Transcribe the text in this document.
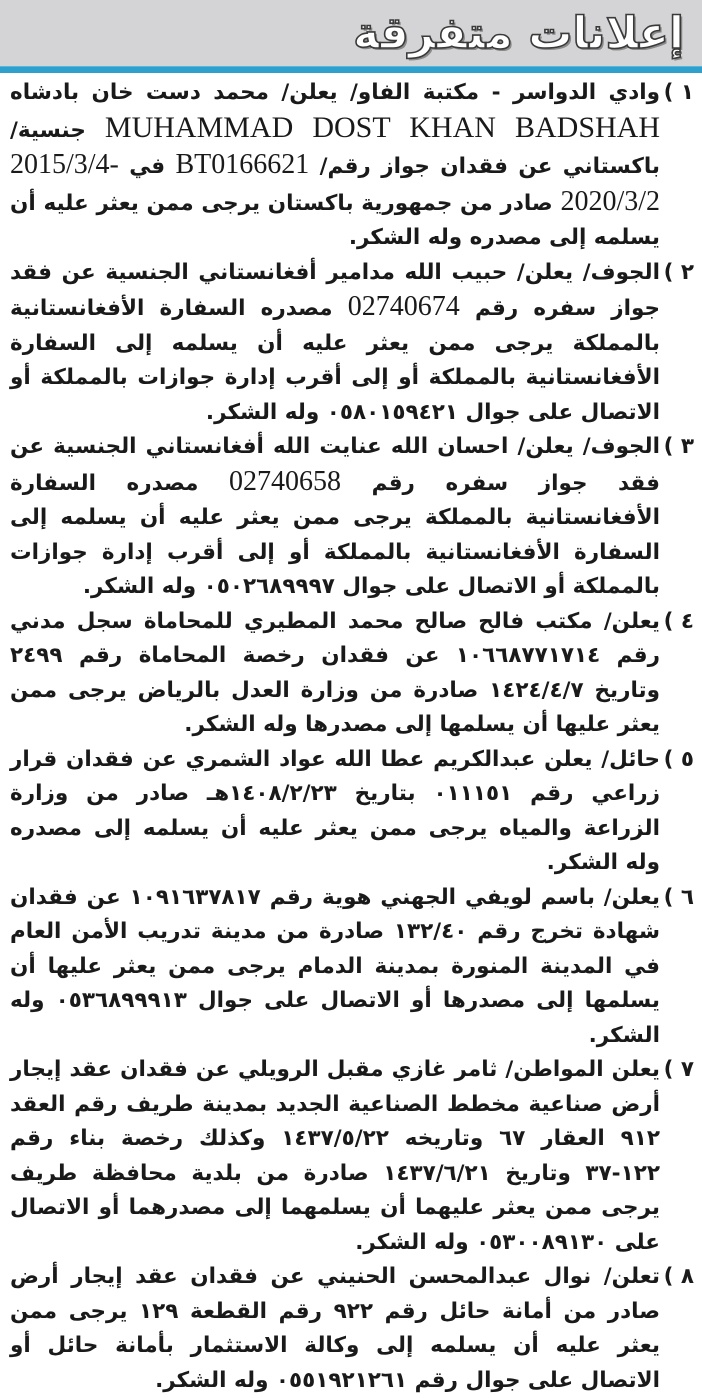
إعلانات متفرقة
١ )
وادي الدواسر - مكتبة الفاو/ يعلن/ محمد دست خان بادشاه MUHAMMAD DOST KHAN BADSHAH جنسية/ باكستاني عن فقدان جواز رقم/ BT0166621 في 2015/3/4-2020/3/2 صادر من جمهورية باكستان يرجى ممن يعثر عليه أن يسلمه إلى مصدره وله الشكر.
٢ )
الجوف/ يعلن/ حبيب الله مدامير أفغانستاني الجنسية عن فقد جواز سفره رقم 02740674 مصدره السفارة الأفغانستانية بالمملكة يرجى ممن يعثر عليه أن يسلمه إلى السفارة الأفغانستانية بالمملكة أو إلى أقرب إدارة جوازات بالمملكة أو الاتصال على جوال ٠٥٨٠١٥٩٤٢١ وله الشكر.
٣ )
الجوف/ يعلن/ احسان الله عنايت الله أفغانستاني الجنسية عن فقد جواز سفره رقم 02740658 مصدره السفارة الأفغانستانية بالمملكة يرجى ممن يعثر عليه أن يسلمه إلى السفارة الأفغانستانية بالمملكة أو إلى أقرب إدارة جوازات بالمملكة أو الاتصال على جوال ٠٥٠٢٦٨٩٩٩٧ وله الشكر.
٤ )
يعلن/ مكتب فالح صالح محمد المطيري للمحاماة سجل مدني رقم ١٠٦٦٨٧٧١٧١٤ عن فقدان رخصة المحاماة رقم ٢٤٩٩ وتاريخ ١٤٢٤/٤/٧ صادرة من وزارة العدل بالرياض يرجى ممن يعثر عليها أن يسلمها إلى مصدرها وله الشكر.
٥ )
حائل/ يعلن عبدالكريم عطا الله عواد الشمري عن فقدان قرار زراعي رقم ٠١١١٥١ بتاريخ ١٤٠٨/٢/٢٣هـ صادر من وزارة الزراعة والمياه يرجى ممن يعثر عليه أن يسلمه إلى مصدره وله الشكر.
٦ )
يعلن/ باسم لويفي الجهني هوية رقم ١٠٩١٦٣٧٨١٧ عن فقدان شهادة تخرج رقم ١٣٢/٤٠ صادرة من مدينة تدريب الأمن العام في المدينة المنورة بمدينة الدمام يرجى ممن يعثر عليها أن يسلمها إلى مصدرها أو الاتصال على جوال ٠٥٣٦٨٩٩٩١٣ وله الشكر.
٧ )
يعلن المواطن/ ثامر غازي مقبل الرويلي عن فقدان عقد إيجار أرض صناعية مخطط الصناعية الجديد بمدينة طريف رقم العقد ٩١٢ العقار ٦٧ وتاريخه ١٤٣٧/٥/٢٢ وكذلك رخصة بناء رقم ١٢٢-٣٧ وتاريخ ١٤٣٧/٦/٢١ صادرة من بلدية محافظة طريف يرجى ممن يعثر عليهما أن يسلمهما إلى مصدرهما أو الاتصال على ٠٥٣٠٠٨٩١٣٠ وله الشكر.
٨ )
تعلن/ نوال عبدالمحسن الحنيني عن فقدان عقد إيجار أرض صادر من أمانة حائل رقم ٩٢٢ رقم القطعة ١٢٩ يرجى ممن يعثر عليه أن يسلمه إلى وكالة الاستثمار بأمانة حائل أو الاتصال على جوال رقم ٠٥٥١٩٢١٢٦١ وله الشكر.
